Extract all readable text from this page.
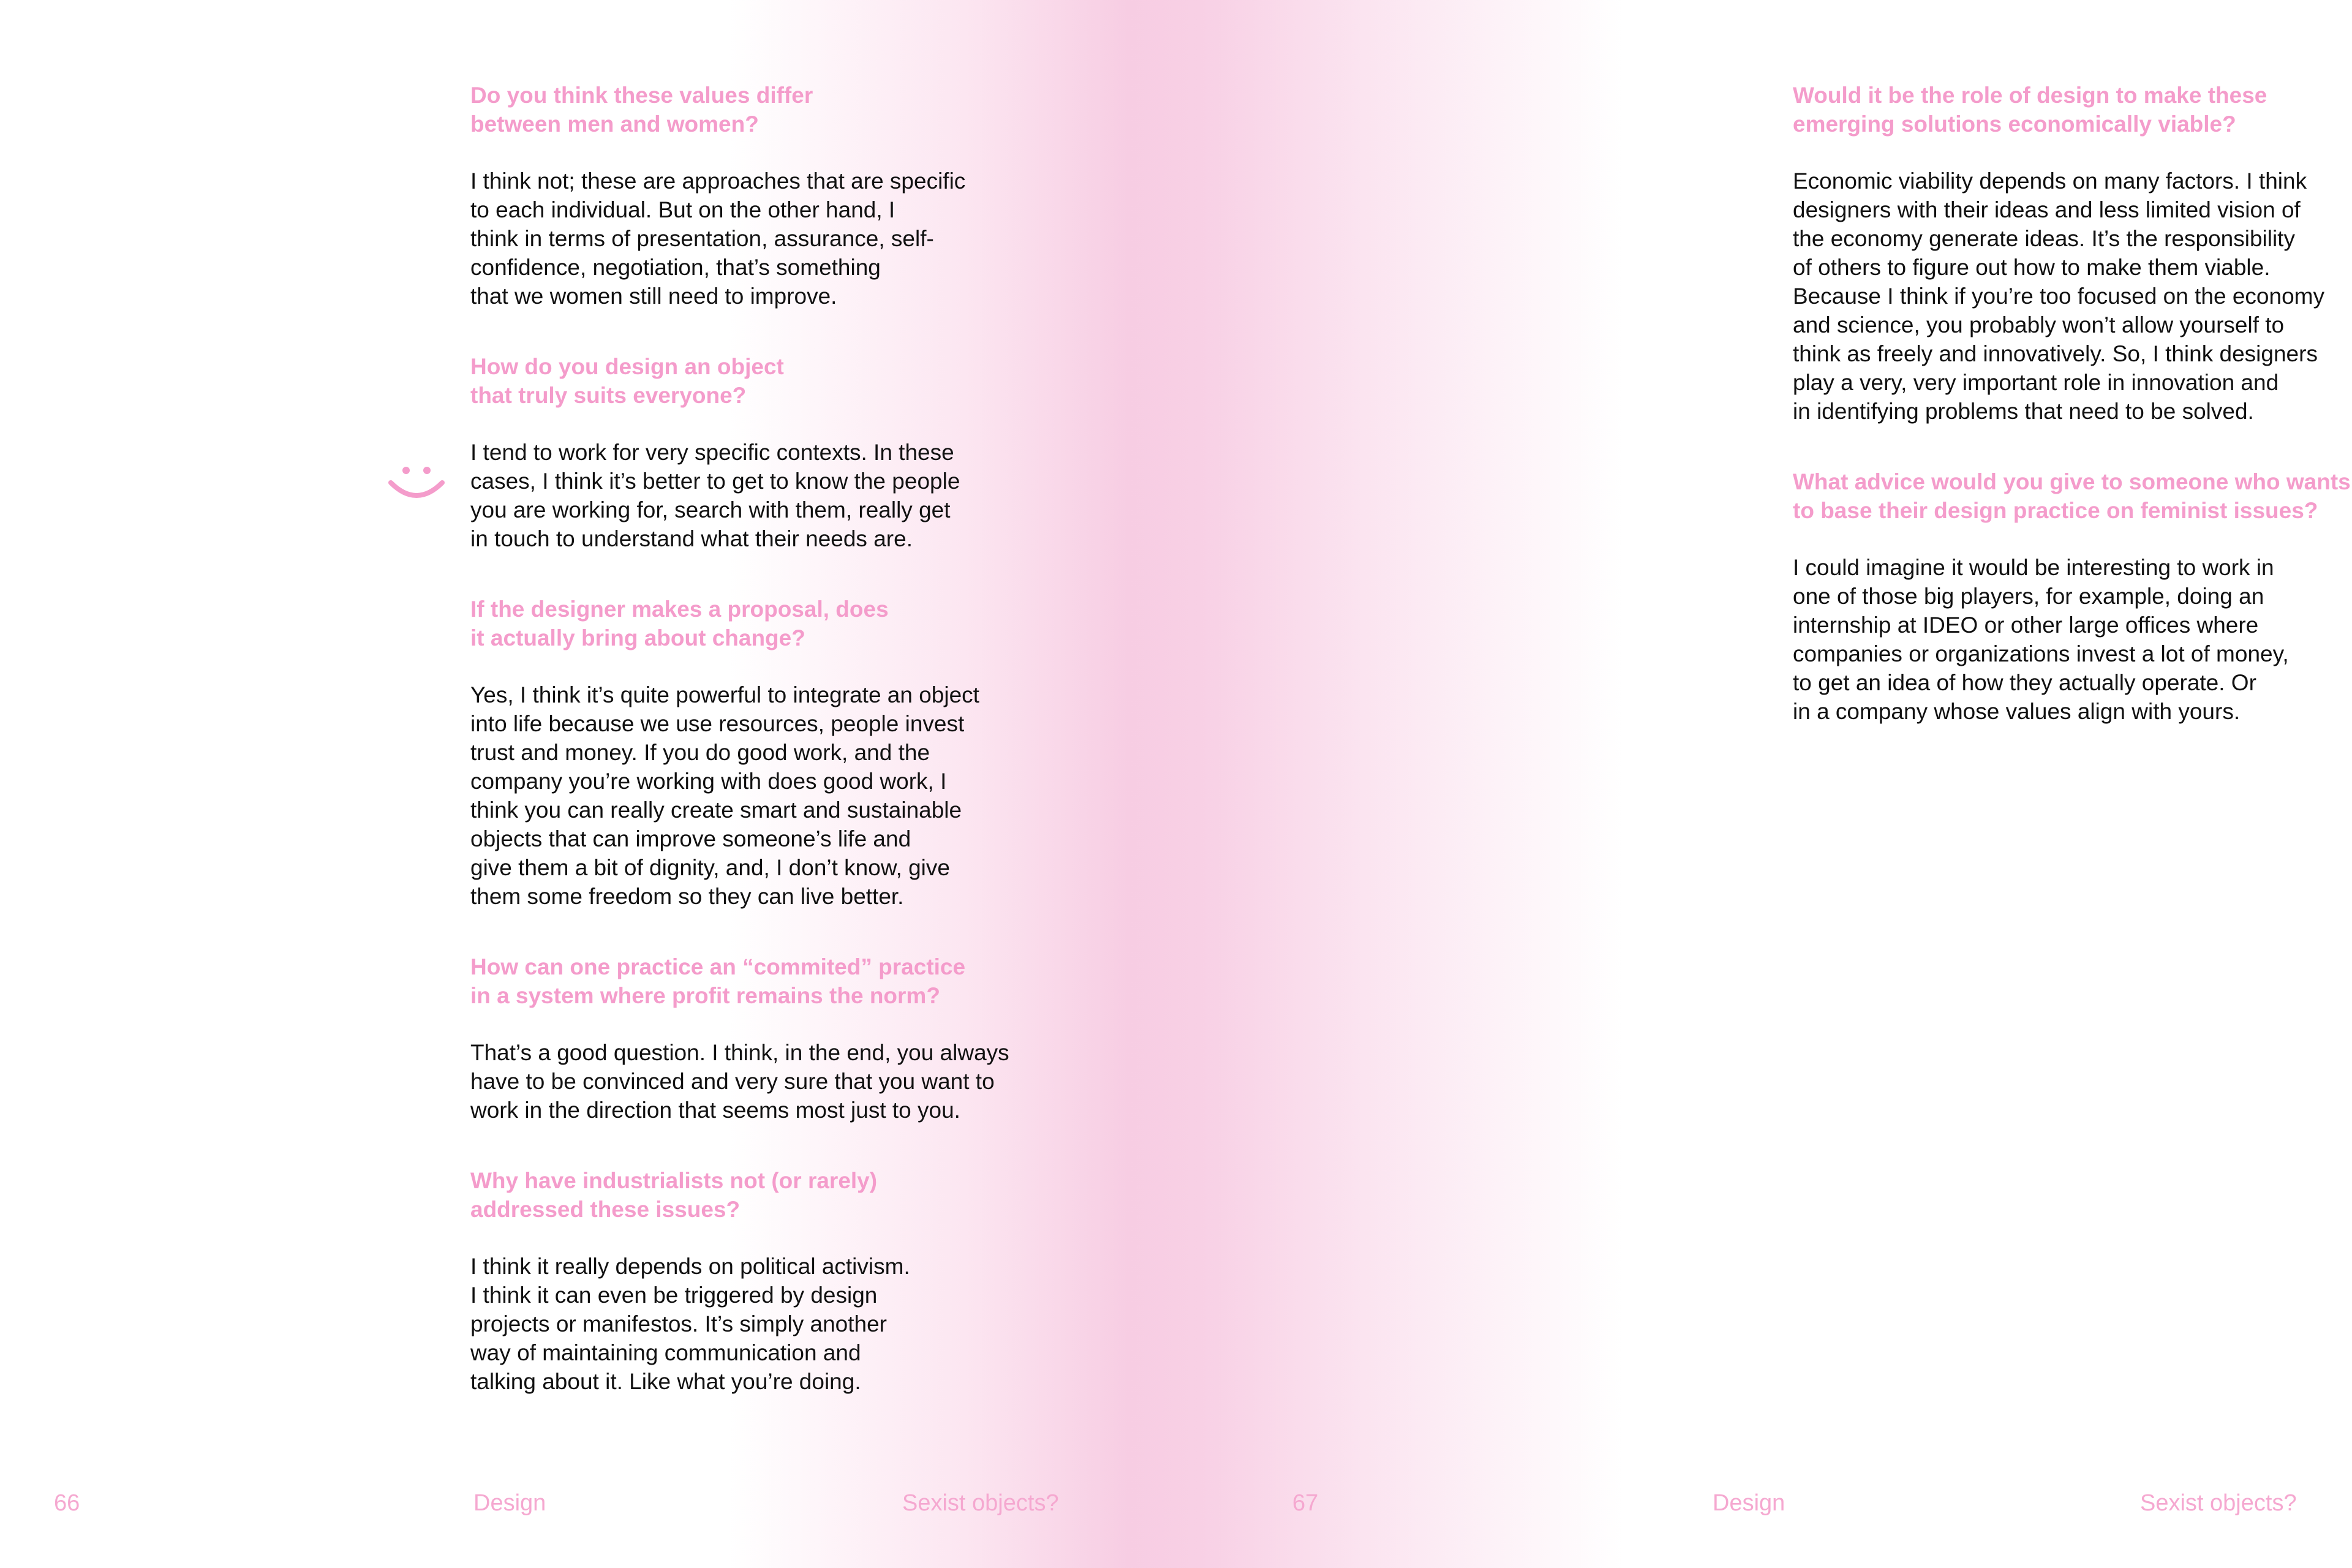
Do you think these values differ
between men and women?

I think not; these are approaches that are specific
to each individual. But on the other hand, I
think in terms of presentation, assurance, self-
confidence, negotiation, that’s something
that we women still need to improve.

How do you design an object
that truly suits everyone?

I tend to work for very specific contexts. In these
cases, I think it’s better to get to know the people
you are working for, search with them, really get
in touch to understand what their needs are.

If the designer makes a proposal, does
it actually bring about change?

Yes, I think it’s quite powerful to integrate an object
into life because we use resources, people invest
trust and money. If you do good work, and the
company you’re working with does good work, I
think you can really create smart and sustainable
objects that can improve someone’s life and
give them a bit of dignity, and, I don’t know, give
them some freedom so they can live better.

How can one practice an “commited” practice
in a system where profit remains the norm?

That’s a good question. I think, in the end, you always
have to be convinced and very sure that you want to
work in the direction that seems most just to you.

Why have industrialists not (or rarely)
addressed these issues?

I think it really depends on political activism.
I think it can even be triggered by design
projects or manifestos. It’s simply another
way of maintaining communication and
talking about it. Like what you’re doing.

66	Design	Sexist objects?

Would it be the role of design to make these
emerging solutions economically viable?

Economic viability depends on many factors. I think
designers with their ideas and less limited vision of
the economy generate ideas. It’s the responsibility
of others to figure out how to make them viable.
Because I think if you’re too focused on the economy
and science, you probably won’t allow yourself to
think as freely and innovatively. So, I think designers
play a very, very important role in innovation and
in identifying problems that need to be solved.

What advice would you give to someone who wants
to base their design practice on feminist issues?

I could imagine it would be interesting to work in
one of those big players, for example, doing an
internship at IDEO or other large offices where
companies or organizations invest a lot of money,
to get an idea of how they actually operate. Or
in a company whose values align with yours.

67	Design	Sexist objects?
